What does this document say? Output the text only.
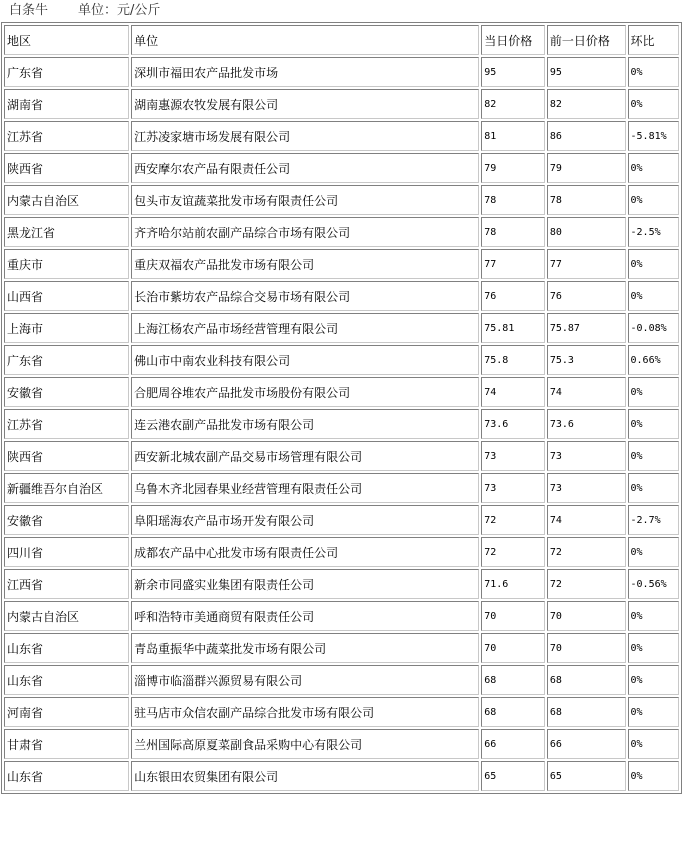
白条牛 单位：元/公斤
地区	单位	当日价格	前一日价格	环比
广东省	深圳市福田农产品批发市场	95	95	0%
湖南省	湖南惠源农牧发展有限公司	82	82	0%
江苏省	江苏凌家塘市场发展有限公司	81	86	-5.81%
陕西省	西安摩尔农产品有限责任公司	79	79	0%
内蒙古自治区	包头市友谊蔬菜批发市场有限责任公司	78	78	0%
黑龙江省	齐齐哈尔站前农副产品综合市场有限公司	78	80	-2.5%
重庆市	重庆双福农产品批发市场有限公司	77	77	0%
山西省	长治市紫坊农产品综合交易市场有限公司	76	76	0%
上海市	上海江杨农产品市场经营管理有限公司	75.81	75.87	-0.08%
广东省	佛山市中南农业科技有限公司	75.8	75.3	0.66%
安徽省	合肥周谷堆农产品批发市场股份有限公司	74	74	0%
江苏省	连云港农副产品批发市场有限公司	73.6	73.6	0%
陕西省	西安新北城农副产品交易市场管理有限公司	73	73	0%
新疆维吾尔自治区	乌鲁木齐北园春果业经营管理有限责任公司	73	73	0%
安徽省	阜阳瑶海农产品市场开发有限公司	72	74	-2.7%
四川省	成都农产品中心批发市场有限责任公司	72	72	0%
江西省	新余市同盛实业集团有限责任公司	71.6	72	-0.56%
内蒙古自治区	呼和浩特市美通商贸有限责任公司	70	70	0%
山东省	青岛重振华中蔬菜批发市场有限公司	70	70	0%
山东省	淄博市临淄群兴源贸易有限公司	68	68	0%
河南省	驻马店市众信农副产品综合批发市场有限公司	68	68	0%
甘肃省	兰州国际高原夏菜副食品采购中心有限公司	66	66	0%
山东省	山东银田农贸集团有限公司	65	65	0%
